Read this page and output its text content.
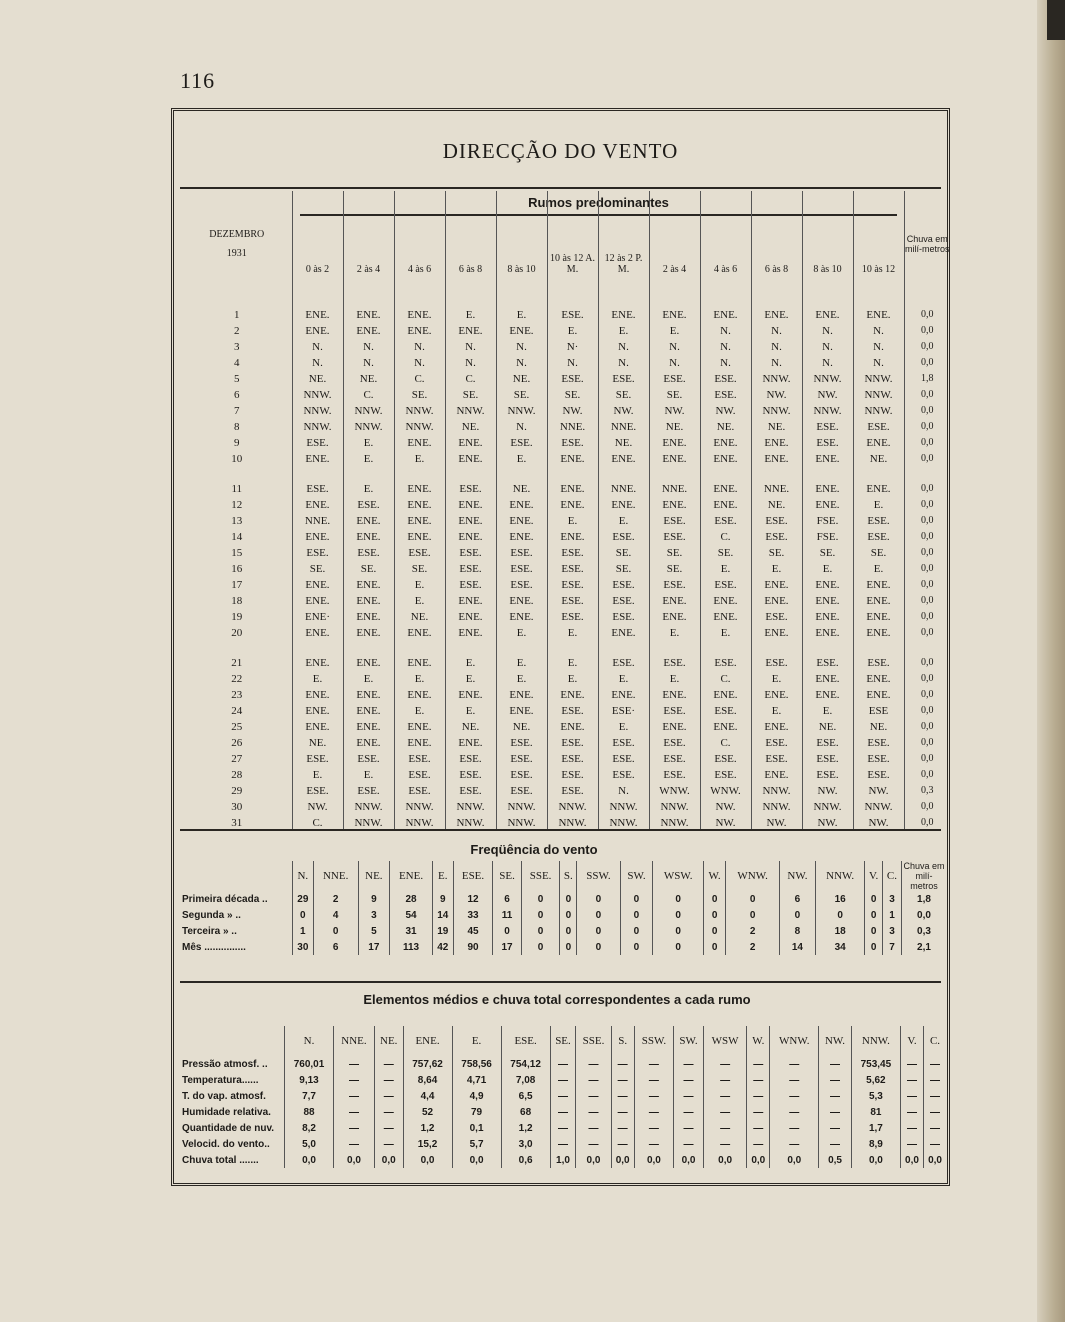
116
DIRECÇÃO DO VENTO
Rumos predominantes
DEZEMBRO
1931	0 às 2	2 às 4	4 às 6	6 às 8	8 às 10	10 às 12 A. M.	12 às 2 P. M.	2 às 4	4 às 6	6 às 8	8 às 10	10 às 12	Chuva em milí-metros
1	ENE.	ENE.	ENE.	E.	E.	ESE.	ENE.	ENE.	ENE.	ENE.	ENE.	ENE.	0,0
2	ENE.	ENE.	ENE.	ENE.	ENE.	E.	E.	E.	N.	N.	N.	N.	0,0
3	N.	N.	N.	N.	N.	N·	N.	N.	N.	N.	N.	N.	0,0
4	N.	N.	N.	N.	N.	N.	N.	N.	N.	N.	N.	N.	0,0
5	NE.	NE.	C.	C.	NE.	ESE.	ESE.	ESE.	ESE.	NNW.	NNW.	NNW.	1,8
6	NNW.	C.	SE.	SE.	SE.	SE.	SE.	SE.	ESE.	NW.	NW.	NNW.	0,0
7	NNW.	NNW.	NNW.	NNW.	NNW.	NW.	NW.	NW.	NW.	NNW.	NNW.	NNW.	0,0
8	NNW.	NNW.	NNW.	NE.	N.	NNE.	NNE.	NE.	NE.	NE.	ESE.	ESE.	0,0
9	ESE.	E.	ENE.	ENE.	ESE.	ESE.	NE.	ENE.	ENE.	ENE.	ESE.	ENE.	0,0
10	ENE.	E.	E.	ENE.	E.	ENE.	ENE.	ENE.	ENE.	ENE.	ENE.	NE.	0,0

11	ESE.	E.	ENE.	ESE.	NE.	ENE.	NNE.	NNE.	ENE.	NNE.	ENE.	ENE.	0,0
12	ENE.	ESE.	ENE.	ENE.	ENE.	ENE.	ENE.	ENE.	ENE.	NE.	ENE.	E.	0,0
13	NNE.	ENE.	ENE.	ENE.	ENE.	E.	E.	ESE.	ESE.	ESE.	FSE.	ESE.	0,0
14	ENE.	ENE.	ENE.	ENE.	ENE.	ENE.	ESE.	ESE.	C.	ESE.	FSE.	ESE.	0,0
15	ESE.	ESE.	ESE.	ESE.	ESE.	ESE.	SE.	SE.	SE.	SE.	SE.	SE.	0,0
16	SE.	SE.	SE.	ESE.	ESE.	ESE.	SE.	SE.	E.	E.	E.	E.	0,0
17	ENE.	ENE.	E.	ESE.	ESE.	ESE.	ESE.	ESE.	ESE.	ENE.	ENE.	ENE.	0,0
18	ENE.	ENE.	E.	ENE.	ENE.	ESE.	ESE.	ENE.	ENE.	ENE.	ENE.	ENE.	0,0
19	ENE·	ENE.	NE.	ENE.	ENE.	ESE.	ESE.	ENE.	ENE.	ESE.	ENE.	ENE.	0,0
20	ENE.	ENE.	ENE.	ENE.	E.	E.	ENE.	E.	E.	ENE.	ENE.	ENE.	0,0

21	ENE.	ENE.	ENE.	E.	E.	E.	ESE.	ESE.	ESE.	ESE.	ESE.	ESE.	0,0
22	E.	E.	E.	E.	E.	E.	E.	E.	C.	E.	ENE.	ENE.	0,0
23	ENE.	ENE.	ENE.	ENE.	ENE.	ENE.	ENE.	ENE.	ENE.	ENE.	ENE.	ENE.	0,0
24	ENE.	ENE.	E.	E.	ENE.	ESE.	ESE·	ESE.	ESE.	E.	E.	ESE	0,0
25	ENE.	ENE.	ENE.	NE.	NE.	ENE.	E.	ENE.	ENE.	ENE.	NE.	NE.	0,0
26	NE.	ENE.	ENE.	ENE.	ESE.	ESE.	ESE.	ESE.	C.	ESE.	ESE.	ESE.	0,0
27	ESE.	ESE.	ESE.	ESE.	ESE.	ESE.	ESE.	ESE.	ESE.	ESE.	ESE.	ESE.	0,0
28	E.	E.	ESE.	ESE.	ESE.	ESE.	ESE.	ESE.	ESE.	ENE.	ESE.	ESE.	0,0
29	ESE.	ESE.	ESE.	ESE.	ESE.	ESE.	N.	WNW.	WNW.	NNW.	NW.	NW.	0,3
30	NW.	NNW.	NNW.	NNW.	NNW.	NNW.	NNW.	NNW.	NW.	NNW.	NNW.	NNW.	0,0
31	C.	NNW.	NNW.	NNW.	NNW.	NNW.	NNW.	NNW.	NW.	NW.	NW.	NW.	0,0
Freqüência do vento
	N.	NNE.	NE.	ENE.	E.	ESE.	SE.	SSE.	S.	SSW.	SW.	WSW.	W.	WNW.	NW.	NNW.	V.	C.	Chuva em milí-metros
Primeira década ..	29	2	9	28	9	12	6	0	0	0	0	0	0	0	6	16	0	3	1,8
Segunda » ..	0	4	3	54	14	33	11	0	0	0	0	0	0	0	0	0	0	1	0,0
Terceira » ..	1	0	5	31	19	45	0	0	0	0	0	0	0	2	8	18	0	3	0,3
Mês ...............	30	6	17	113	42	90	17	0	0	0	0	0	0	2	14	34	0	7	2,1
Elementos médios e chuva total correspondentes a cada rumo
	N.	NNE.	NE.	ENE.	E.	ESE.	SE.	SSE.	S.	SSW.	SW.	WSW	W.	WNW.	NW.	NNW.	V.	C.
Pressão atmosf. ..	760,01	—	—	757,62	758,56	754,12	—	—	—	—	—	—	—	—	—	753,45	—	—
Temperatura......	9,13	—	—	8,64	4,71	7,08	—	—	—	—	—	—	—	—	—	5,62	—	—
T. do vap. atmosf.	7,7	—	—	4,4	4,9	6,5	—	—	—	—	—	—	—	—	—	5,3	—	—
Humidade relativa.	88	—	—	52	79	68	—	—	—	—	—	—	—	—	—	81	—	—
Quantidade de nuv.	8,2	—	—	1,2	0,1	1,2	—	—	—	—	—	—	—	—	—	1,7	—	—
Velocid. do vento..	5,0	—	—	15,2	5,7	3,0	—	—	—	—	—	—	—	—	—	8,9	—	—
Chuva total .......	0,0	0,0	0,0	0,0	0,0	0,6	1,0	0,0	0,0	0,0	0,0	0,0	0,0	0,0	0,5	0,0	0,0	0,0
